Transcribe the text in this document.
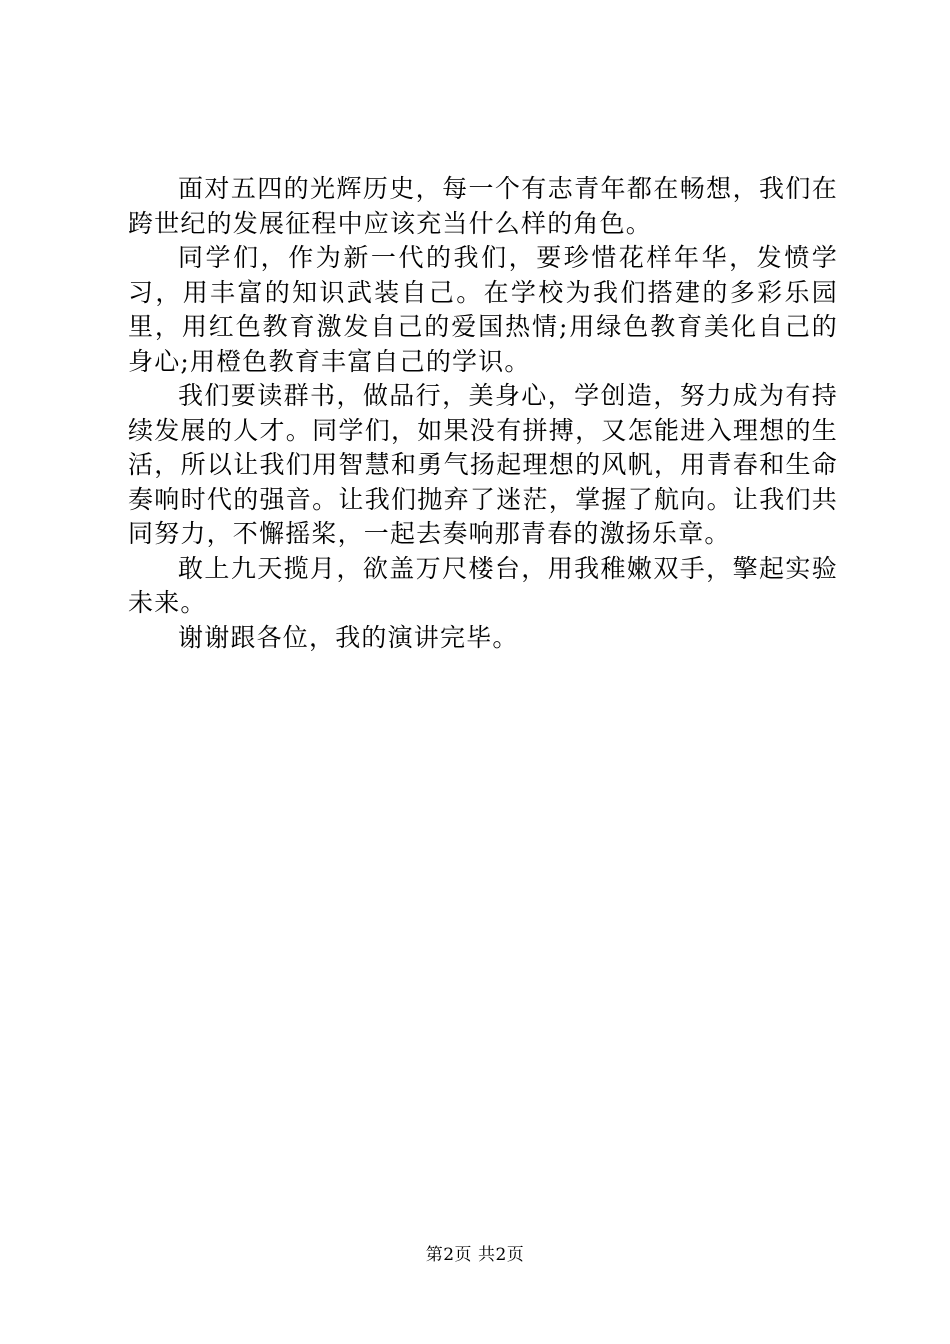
面对五四的光辉历史，每一个有志青年都在畅想，我们在跨世纪的发展征程中应该充当什么样的角色。

同学们，作为新一代的我们，要珍惜花样年华，发愤学习，用丰富的知识武装自己。在学校为我们搭建的多彩乐园里，用红色教育激发自己的爱国热情;用绿色教育美化自己的身心;用橙色教育丰富自己的学识。

我们要读群书，做品行，美身心，学创造，努力成为有持续发展的人才。同学们，如果没有拼搏，又怎能进入理想的生活，所以让我们用智慧和勇气扬起理想的风帆，用青春和生命奏响时代的强音。让我们抛弃了迷茫，掌握了航向。让我们共同努力，不懈摇桨，一起去奏响那青春的激扬乐章。

敢上九天揽月，欲盖万尺楼台，用我稚嫩双手，擎起实验未来。

谢谢跟各位，我的演讲完毕。

第2页 共2页
